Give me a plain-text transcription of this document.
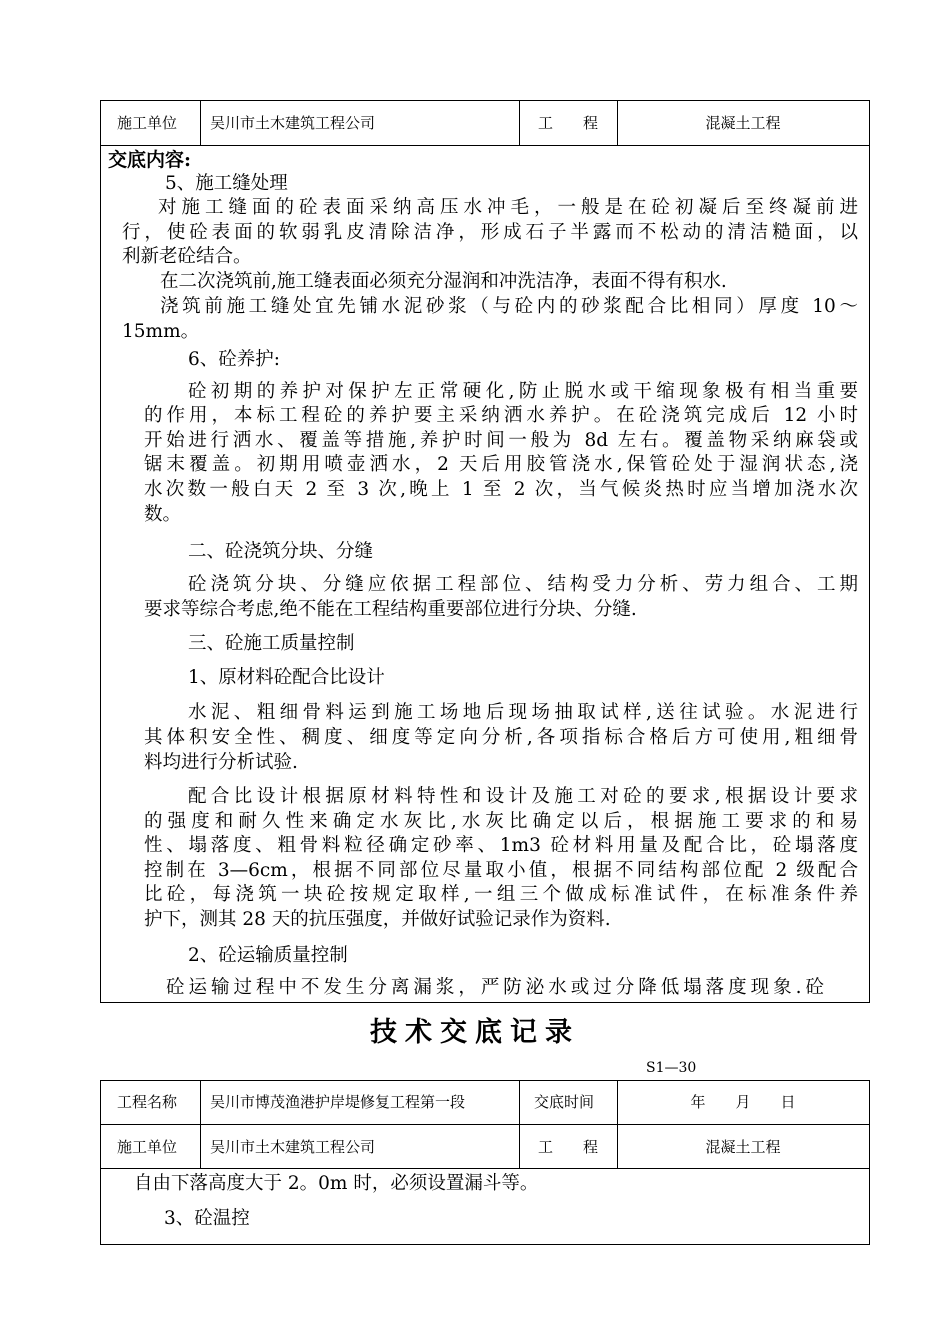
施工单位 吴川市土木建筑工程公司	工　　程	混凝土工程
交底内容:
5、施工缝处理
对施工缝面的砼表面采纳高压水冲毛，一般是在砼初凝后至终凝前进
行，使砼表面的软弱乳皮清除洁净，形成石子半露而不松动的清洁糙面，以
利新老砼结合。
在二次浇筑前,施工缝表面必须充分湿润和冲洗洁净，表面不得有积水.
浇筑前施工缝处宜先铺水泥砂浆（与砼内的砂浆配合比相同）厚度 10～
15mm。
6、砼养护:
砼初期的养护对保护左正常硬化,防止脱水或干缩现象极有相当重要
的作用，本标工程砼的养护要主采纳洒水养护。在砼浇筑完成后 12 小时
开始进行洒水、覆盖等措施,养护时间一般为 8d 左右。覆盖物采纳麻袋或
锯末覆盖。初期用喷壶洒水，2 天后用胶管浇水,保管砼处于湿润状态,浇
水次数一般白天 2 至 3 次,晚上 1 至 2 次，当气候炎热时应当增加浇水次
数。
二、砼浇筑分块、分缝
砼浇筑分块、分缝应依据工程部位、结构受力分析、劳力组合、工期
要求等综合考虑,绝不能在工程结构重要部位进行分块、分缝.
三、砼施工质量控制
1、原材料砼配合比设计
水泥、粗细骨料运到施工场地后现场抽取试样,送往试验。水泥进行
其体积安全性、稠度、细度等定向分析,各项指标合格后方可使用,粗细骨
料均进行分析试验.
配合比设计根据原材料特性和设计及施工对砼的要求,根据设计要求
的强度和耐久性来确定水灰比,水灰比确定以后，根据施工要求的和易
性、塌落度、粗骨料粒径确定砂率、1m3 砼材料用量及配合比，砼塌落度
控制在 3—6cm，根据不同部位尽量取小值，根据不同结构部位配 2 级配合
比砼，每浇筑一块砼按规定取样,一组三个做成标准试件，在标准条件养
护下，测其 28 天的抗压强度，并做好试验记录作为资料.
2、砼运输质量控制
砼运输过程中不发生分离漏浆，严防泌水或过分降低塌落度现象.砼
技术交底记录
S1—30
工程名称 吴川市博茂渔港护岸堤修复工程第一段	交底时间	年　　月　　日
施工单位 吴川市土木建筑工程公司	工　　程	混凝土工程
自由下落高度大于 2。0m 时，必须设置漏斗等。
3、砼温控
